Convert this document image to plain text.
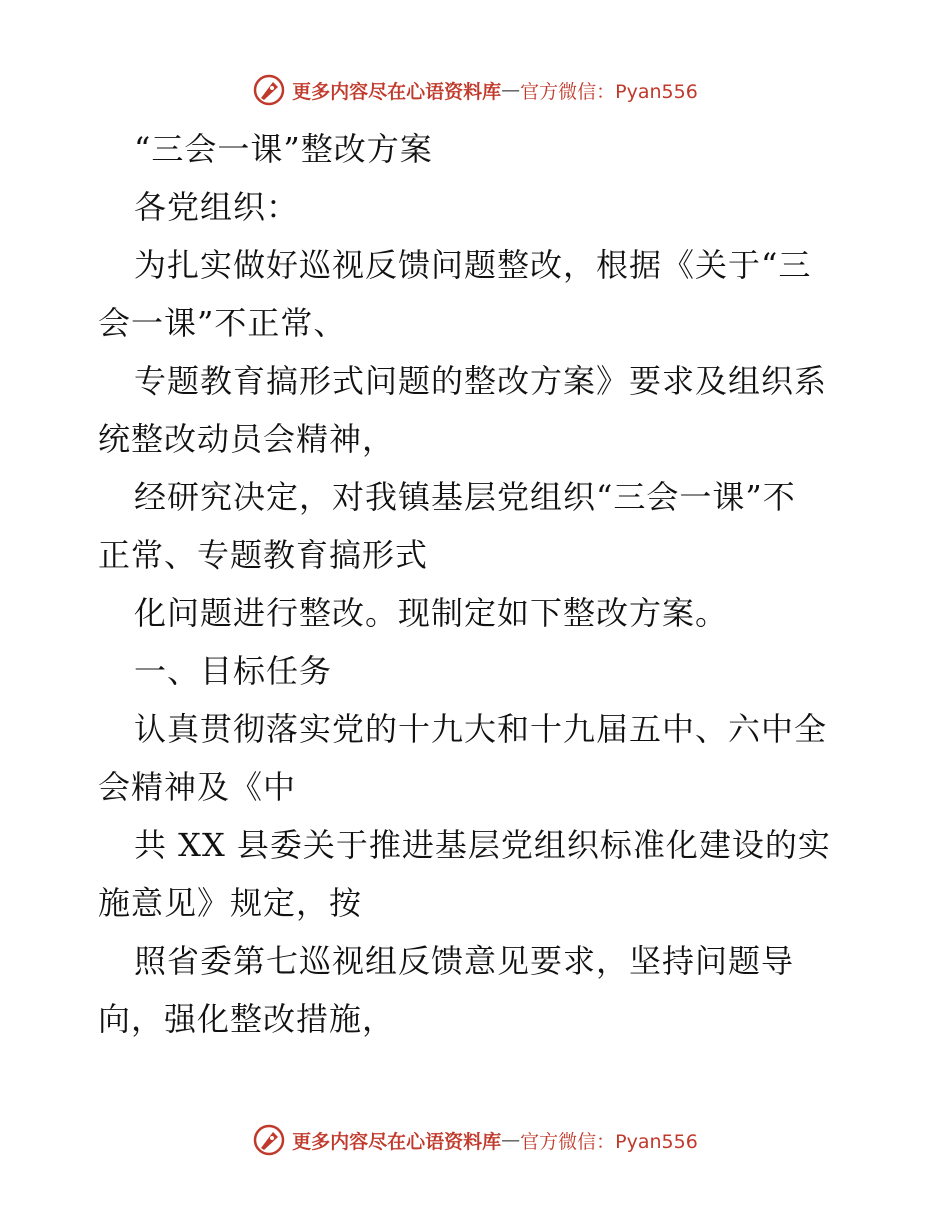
更多内容尽在心语资料库 — 官方微信：Pyan556
“三会一课”整改方案
各党组织：
为扎实做好巡视反馈问题整改，根据《关于“三
会一课”不正常、
专题教育搞形式问题的整改方案》要求及组织系
统整改动员会精神，
经研究决定，对我镇基层党组织“三会一课”不
正常、专题教育搞形式
化问题进行整改。现制定如下整改方案。
一、目标任务
认真贯彻落实党的十九大和十九届五中、六中全
会精神及《中
共 XX 县委关于推进基层党组织标准化建设的实
施意见》规定，按
照省委第七巡视组反馈意见要求，坚持问题导
向，强化整改措施，
更多内容尽在心语资料库 — 官方微信：Pyan556
